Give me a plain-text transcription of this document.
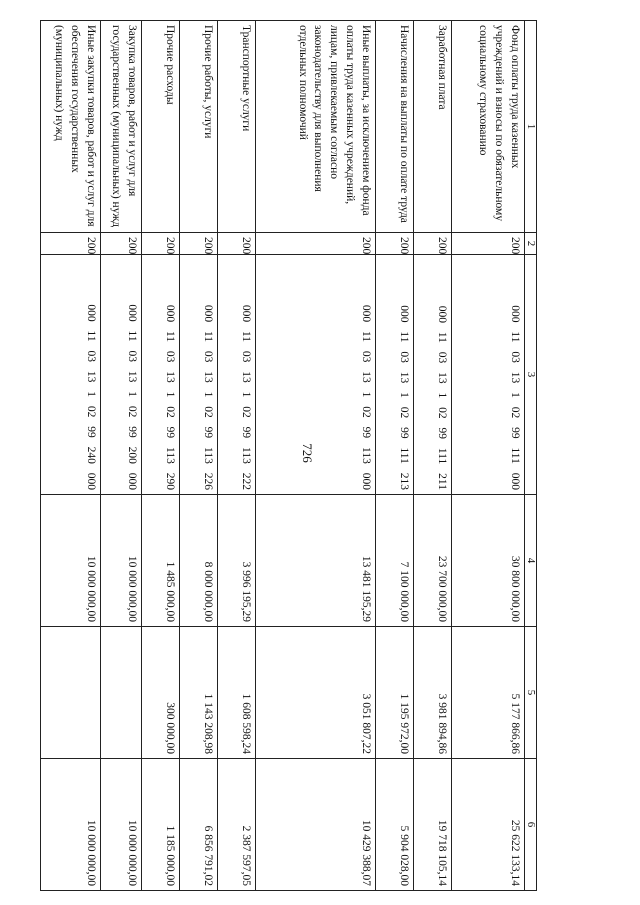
726
1	2	3	4	5	6
Фонд оплаты труда казенных учреждений и взносы по обязательному социальному страхованию	200	000 11 03 13 1 02 99 111 000	30 800 000,00	5 177 866,86	25 622 133,14
Заработная плата	200	000 11 03 13 1 02 99 111 211	23 700 000,00	3 981 894,86	19 718 105,14
Начисления на выплаты по оплате труда	200	000 11 03 13 1 02 99 111 213	7 100 000,00	1 195 972,00	5 904 028,00
Иные выплаты, за исключением фонда оплаты труда казенных учреждений, лицам, привлекаемым согласно законодательству для выполнения отдельных полномочий	200	000 11 03 13 1 02 99 113 000	13 481 195,29	3 051 807,22	10 429 388,07
Транспортные услуги	200	000 11 03 13 1 02 99 113 222	3 996 195,29	1 608 598,24	2 387 597,05
Прочие работы, услуги	200	000 11 03 13 1 02 99 113 226	8 000 000,00	1 143 208,98	6 856 791,02
Прочие расходы	200	000 11 03 13 1 02 99 113 290	1 485 000,00	300 000,00	1 185 000,00
Закупка товаров, работ и услуг для государственных (муниципальных) нужд	200	000 11 03 13 1 02 99 200 000	10 000 000,00		10 000 000,00
Иные закупки товаров, работ и услуг для обеспечения государственных (муниципальных) нужд	200	000 11 03 13 1 02 99 240 000	10 000 000,00		10 000 000,00
